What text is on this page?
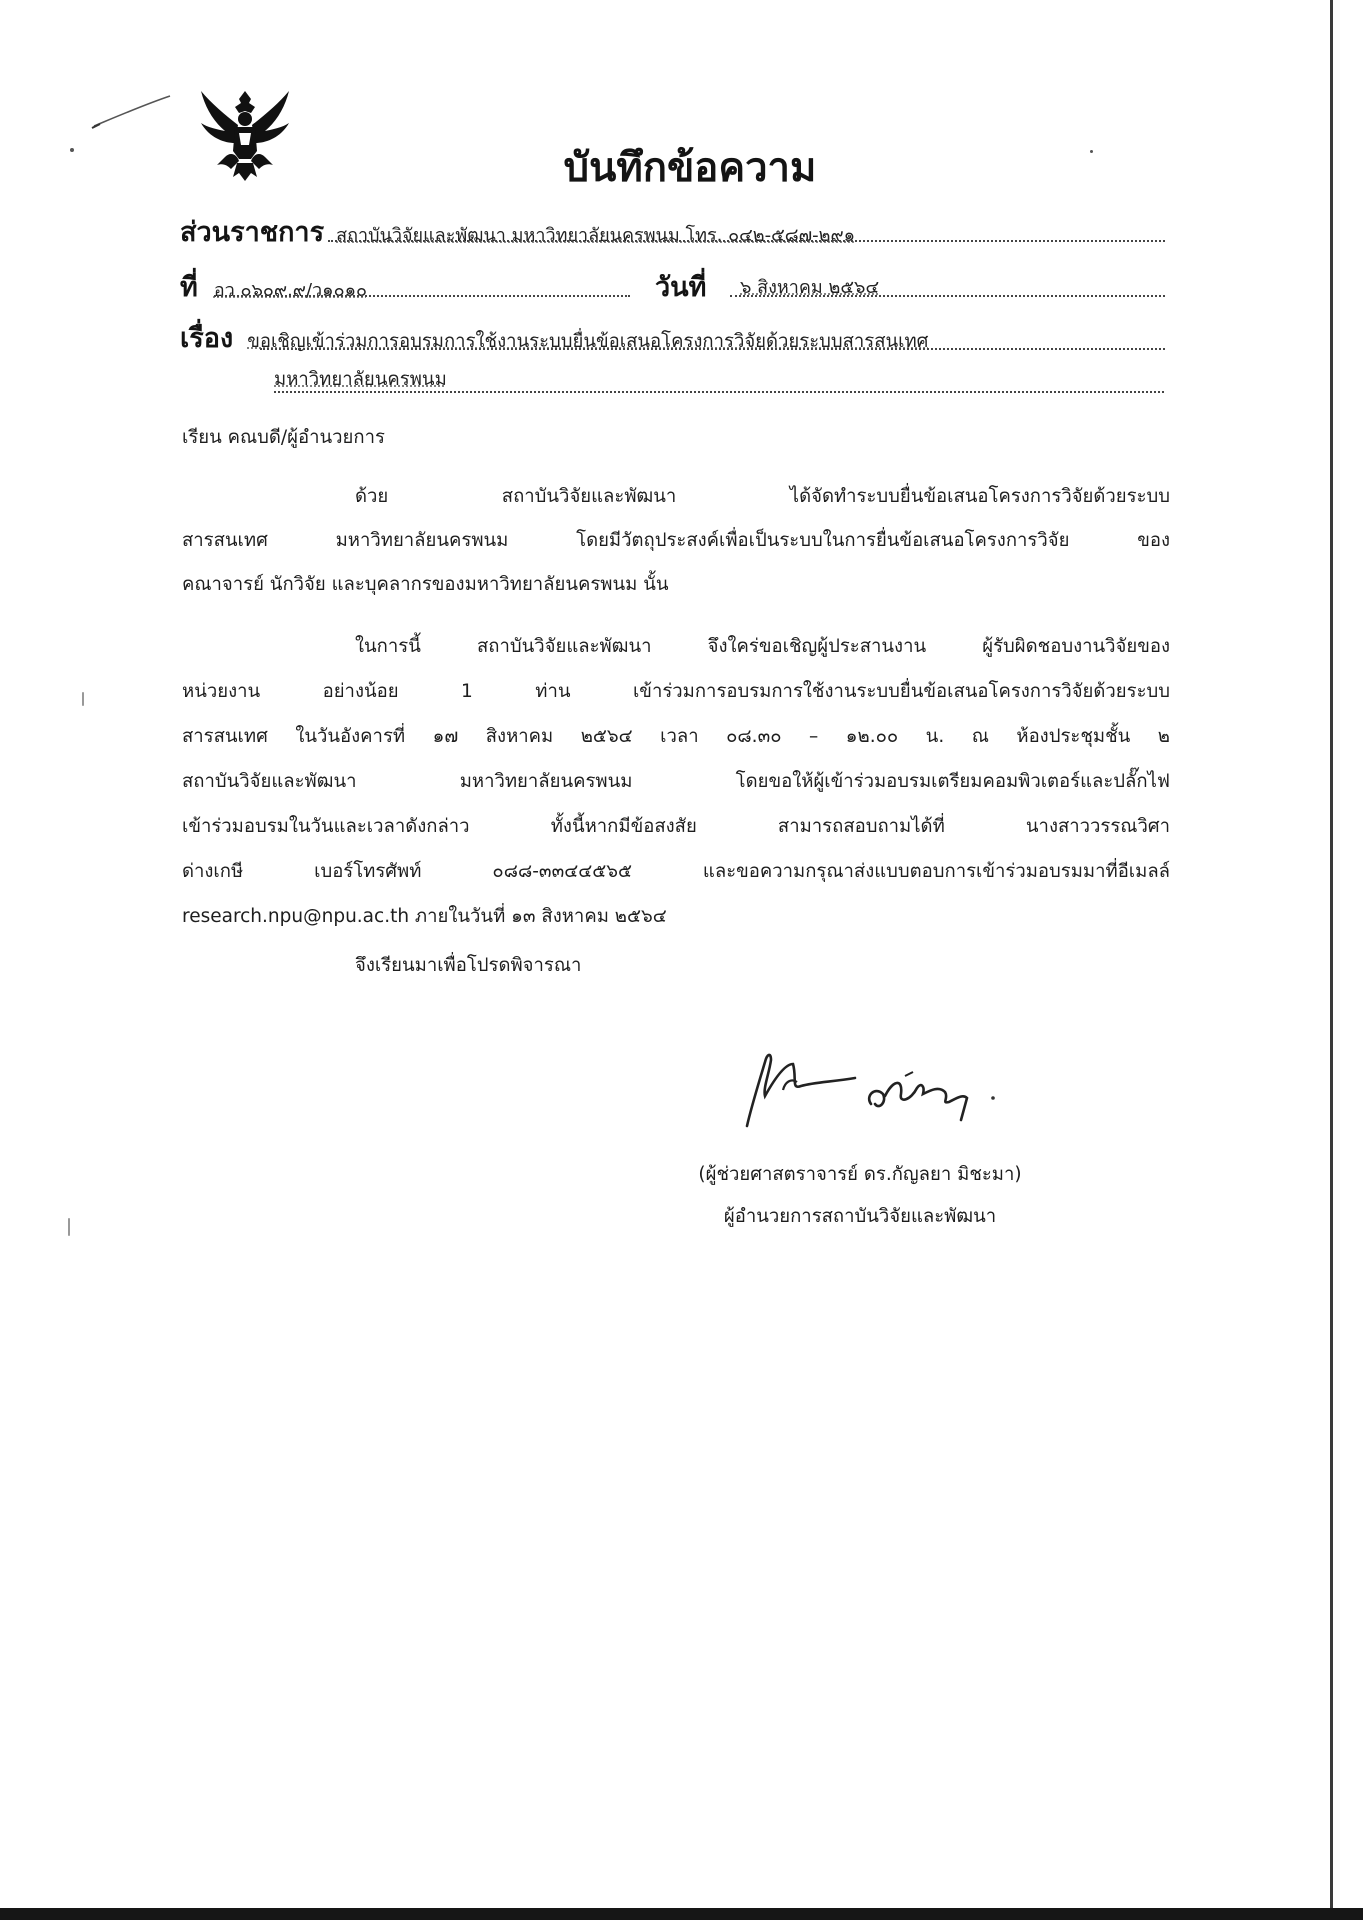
บันทึกข้อความ
ส่วนราชการ สถาบันวิจัยและพัฒนา มหาวิทยาลัยนครพนม โทร. ๐๔๒-๕๘๗-๒๙๑
ที่ อว ๐๖๐๙.๙/ว๑๐๑๐	วันที่ ๖ สิงหาคม ๒๕๖๔
เรื่อง ขอเชิญเข้าร่วมการอบรมการใช้งานระบบยื่นข้อเสนอโครงการวิจัยด้วยระบบสารสนเทศ
มหาวิทยาลัยนครพนม
เรียน คณบดี/ผู้อำนวยการ
ด้วย สถาบันวิจัยและพัฒนา ได้จัดทำระบบยื่นข้อเสนอโครงการวิจัยด้วยระบบ
สารสนเทศ มหาวิทยาลัยนครพนม โดยมีวัตถุประสงค์เพื่อเป็นระบบในการยื่นข้อเสนอโครงการวิจัย ของ
คณาจารย์ นักวิจัย และบุคลากรของมหาวิทยาลัยนครพนม นั้น
ในการนี้ สถาบันวิจัยและพัฒนา จึงใคร่ขอเชิญผู้ประสานงาน ผู้รับผิดชอบงานวิจัยของ
หน่วยงาน อย่างน้อย 1 ท่าน เข้าร่วมการอบรมการใช้งานระบบยื่นข้อเสนอโครงการวิจัยด้วยระบบ
สารสนเทศ ในวันอังคารที่ ๑๗ สิงหาคม ๒๕๖๔ เวลา ๐๘.๓๐ – ๑๒.๐๐ น. ณ ห้องประชุมชั้น ๒
สถาบันวิจัยและพัฒนา มหาวิทยาลัยนครพนม โดยขอให้ผู้เข้าร่วมอบรมเตรียมคอมพิวเตอร์และปลั๊กไฟ
เข้าร่วมอบรมในวันและเวลาดังกล่าว ทั้งนี้หากมีข้อสงสัย สามารถสอบถามได้ที่ นางสาววรรณวิศา
ด่างเกษี เบอร์โทรศัพท์ ๐๘๘-๓๓๔๔๕๖๕ และขอความกรุณาส่งแบบตอบการเข้าร่วมอบรมมาที่อีเมลล์
research.npu@npu.ac.th ภายในวันที่ ๑๓ สิงหาคม ๒๕๖๔
จึงเรียนมาเพื่อโปรดพิจารณา
(ผู้ช่วยศาสตราจารย์ ดร.กัญลยา มิชะมา)
ผู้อำนวยการสถาบันวิจัยและพัฒนา
